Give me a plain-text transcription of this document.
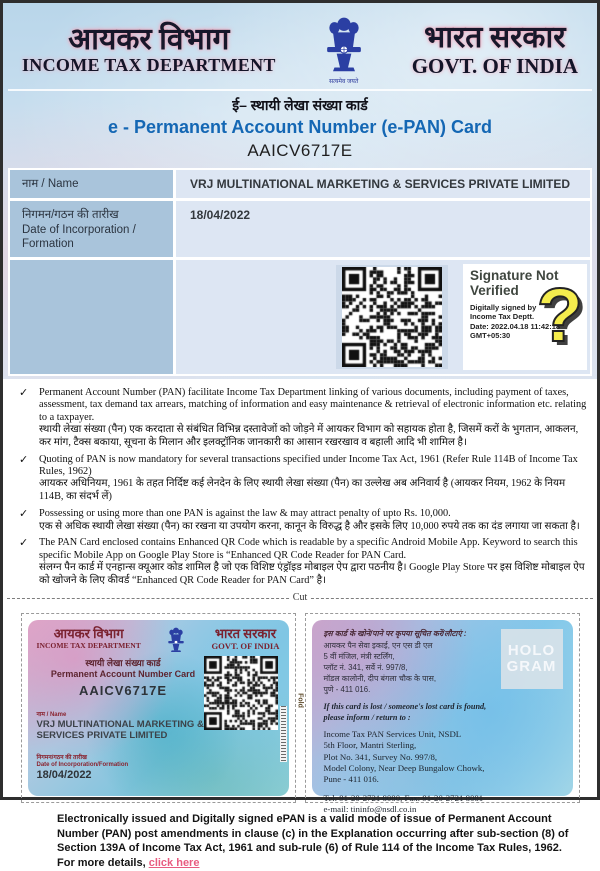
आयकर विभाग
INCOME TAX DEPARTMENT
सत्यमेव जयते
भारत सरकार
GOVT. OF INDIA
ई– स्थायी लेखा संख्या कार्ड
e - Permanent Account Number (e-PAN) Card
AAICV6717E
नाम / Name	VRJ MULTINATIONAL MARKETING & SERVICES PRIVATE LIMITED
निगमन/गठन की तारीख
Date of Incorporation / Formation
18/04/2022
Signature Not Verified
Digitally signed by
Income Tax Deptt.
Date: 2022.04.18 11:42:18
GMT+05:30 ?
✓ Permanent Account Number (PAN) facilitate Income Tax Department linking of various documents, including payment of taxes, assessment, tax demand tax arrears, matching of information and easy maintenance & retrieval of electronic information etc. relating to a taxpayer.
स्थायी लेखा संख्या (पैन) एक करदाता से संबंधित विभिन्न दस्तावेजों को जोड़ने में आयकर विभाग को सहायक होता है, जिसमें करों के भुगतान, आकलन, कर मांग, टैक्स बकाया, सूचना के मिलान और इलक्ट्रॉनिक जानकारी का आसान रखरखाव व बहाली आदि भी शामिल है।
✓ Quoting of PAN is now mandatory for several transactions specified under Income Tax Act, 1961 (Refer Rule 114B of Income Tax Rules, 1962)
आयकर अधिनियम, 1961 के तहत निर्दिष्ट कई लेनदेन के लिए स्थायी लेखा संख्या (पैन) का उल्लेख अब अनिवार्य है (आयकर नियम, 1962 के नियम 114B, का संदर्भ लें)
✓ Possessing or using more than one PAN is against the law & may attract penalty of upto Rs. 10,000.
एक से अधिक स्थायी लेखा संख्या (पैन) का रखना या उपयोग करना, कानून के विरुद्ध है और इसके लिए 10,000 रुपये तक का दंड लगाया जा सकता है।
✓ The PAN Card enclosed contains Enhanced QR Code which is readable by a specific Android Mobile App. Keyword to search this specific Mobile App on Google Play Store is “Enhanced QR Code Reader for PAN Card.
संलग्न पैन कार्ड में एनहान्स क्यूआर कोड शामिल है जो एक विशिष्ट एंड्रॉइड मोबाइल ऐप द्वारा पठनीय है। Google Play Store पर इस विशिष्ट मोबाइल ऐप को खोजने के लिए कीवर्ड “Enhanced QR Code Reader for PAN Card” है।
Cut
आयकर विभाग
INCOME TAX DEPARTMENT
भारत सरकार
GOVT. OF INDIA
स्थायी लेखा संख्या कार्ड
Permanent Account Number Card
AAICV6717E
नाम / Name
VRJ MULTINATIONAL MARKETING &
SERVICES PRIVATE LIMITED
निगमन/गठन की तारीख
Date of Incorporation/Formation
18/04/2022
इस कार्ड के खोने/पाने पर कृपया सूचित करें/लौटाएं :
आयकर पैन सेवा इकाई, एन एस डी एल
5 वीं मंजिल, मंत्री स्टर्लिंग,
प्लॉट नं. 341, सर्वे नं. 997/8,
मॉडल कालोनी, दीप बंगला चौक के पास,
पुणे - 411 016.
If this card is lost / someone's lost card is found, please inform / return to :
Income Tax PAN Services Unit, NSDL
5th Floor, Mantri Sterling,
Plot No. 341, Survey No. 997/8,
Model Colony, Near Deep Bungalow Chowk,
Pune - 411 016.
Tel: 91-20-2721 8080, Fax: 91-20-2721 8081
e-mail: tininfo@nsdl.co.in
HOLO
GRAM
Fold
Electronically issued and Digitally signed ePAN is a valid mode of issue of Permanent Account Number (PAN) post amendments in clause (c) in the Explanation occurring after sub-section (8) of Section 139A of Income Tax Act, 1961 and sub-rule (6) of Rule 114 of the Income Tax Rules, 1962. For more details, click here
